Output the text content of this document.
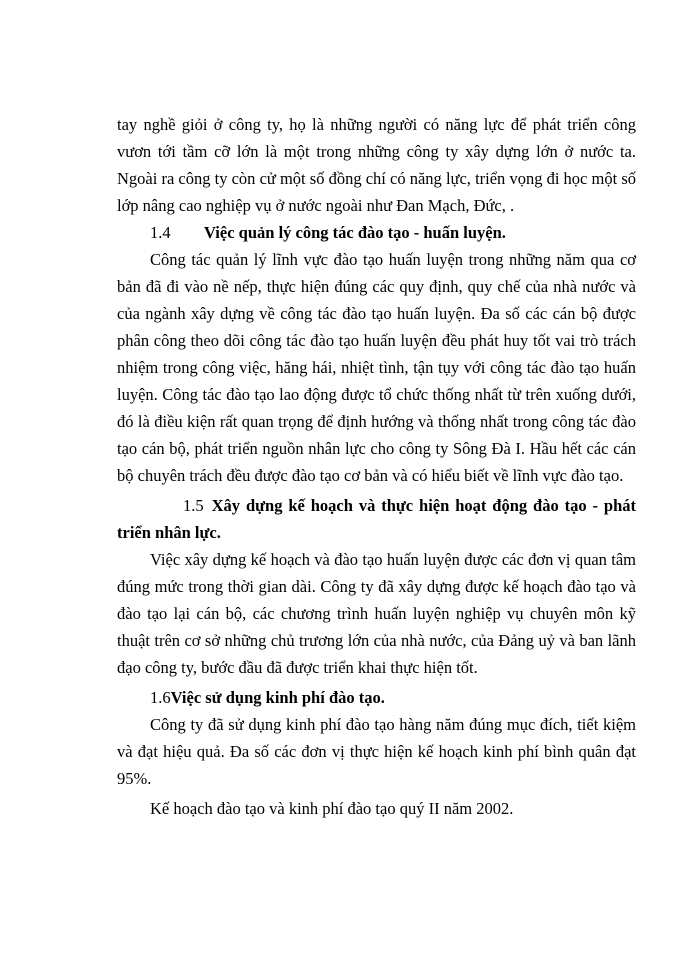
tay nghề giỏi ở công ty, họ là những người có năng lực để phát triển công vươn tới tầm cỡ lớn là một trong những công ty xây dựng lớn ở nước ta. Ngoài ra công ty còn cử một số đồng chí có năng lực, triển vọng đi học một số lớp nâng cao nghiệp vụ ở nước ngoài như Đan Mạch, Đức, .

1.4 Việc quản lý công tác đào tạo - huấn luyện.

Công tác quản lý lĩnh vực đào tạo huấn luyện trong những năm qua cơ bản đã đi vào nề nếp, thực hiện đúng các quy định, quy chế của nhà nước và của ngành xây dựng về công tác đào tạo huấn luyện. Đa số các cán bộ được phân công theo dõi công tác đào tạo huấn luyện đều phát huy tốt vai trò trách nhiệm trong công việc, hăng hái, nhiệt tình, tận tụy với công tác đào tạo huấn luyện. Công tác đào tạo lao động được tổ chức thống nhất từ trên xuống dưới, đó là điều kiện rất quan trọng để định hướng và thống nhất trong công tác đào tạo cán bộ, phát triển nguồn nhân lực cho công ty Sông Đà I. Hầu hết các cán bộ chuyên trách đều được đào tạo cơ bản và có hiểu biết về lĩnh vực đào tạo.

1.5 Xây dựng kế hoạch và thực hiện hoạt động đào tạo - phát triển nhân lực.

Việc xây dựng kế hoạch và đào tạo huấn luyện được các đơn vị quan tâm đúng mức trong thời gian dài. Công ty đã xây dựng được kế hoạch đào tạo và đào tạo lại cán bộ, các chương trình huấn luyện nghiệp vụ chuyên môn kỹ thuật trên cơ sở những chủ trương lớn của nhà nước, của Đảng uỷ và ban lãnh đạo công ty, bước đầu đã được triển khai thực hiện tốt.

1.6Việc sử dụng kinh phí đào tạo.

Công ty đã sử dụng kinh phí đào tạo hàng năm đúng mục đích, tiết kiệm và đạt hiệu quả. Đa số các đơn vị thực hiện kế hoạch kinh phí bình quân đạt 95%.

Kế hoạch đào tạo và kinh phí đào tạo quý II năm 2002.
